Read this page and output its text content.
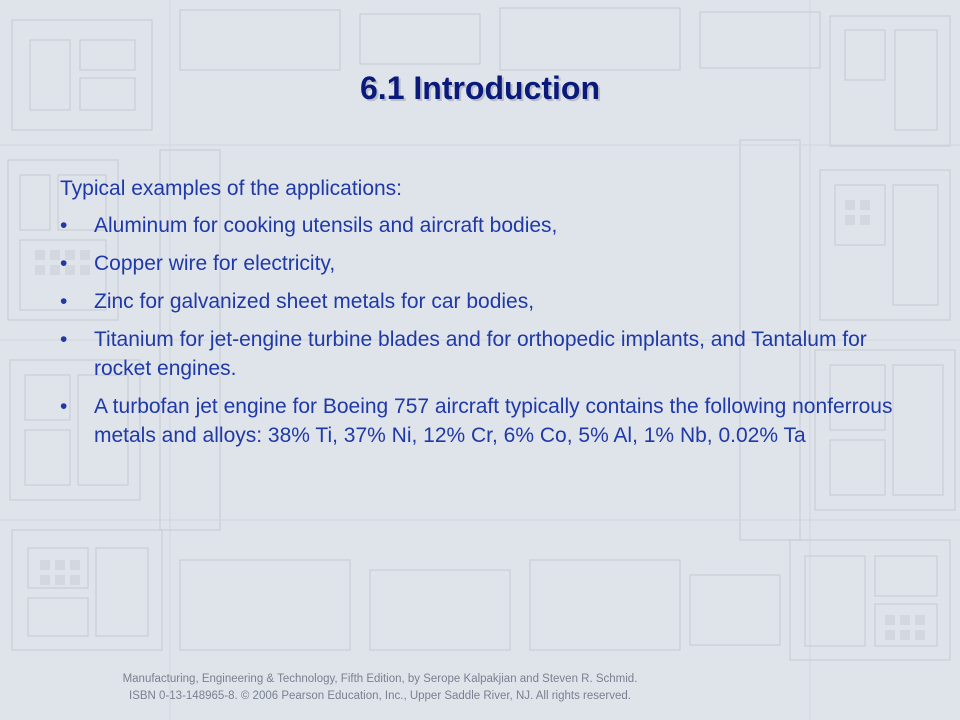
6.1 Introduction

Typical examples of the applications:

•	Aluminum for cooking utensils and aircraft bodies,
•	Copper wire for electricity,
•	Zinc for galvanized sheet metals for car bodies,
•	Titanium for jet-engine turbine blades and for orthopedic implants, and Tantalum for rocket engines.
•	A turbofan jet engine for Boeing 757 aircraft typically contains the following nonferrous metals and alloys: 38% Ti, 37% Ni, 12% Cr, 6% Co, 5% Al, 1% Nb, 0.02% Ta
Manufacturing, Engineering & Technology, Fifth Edition, by Serope Kalpakjian and Steven R. Schmid.
ISBN 0-13-148965-8. © 2006 Pearson Education, Inc., Upper Saddle River, NJ. All rights reserved.
